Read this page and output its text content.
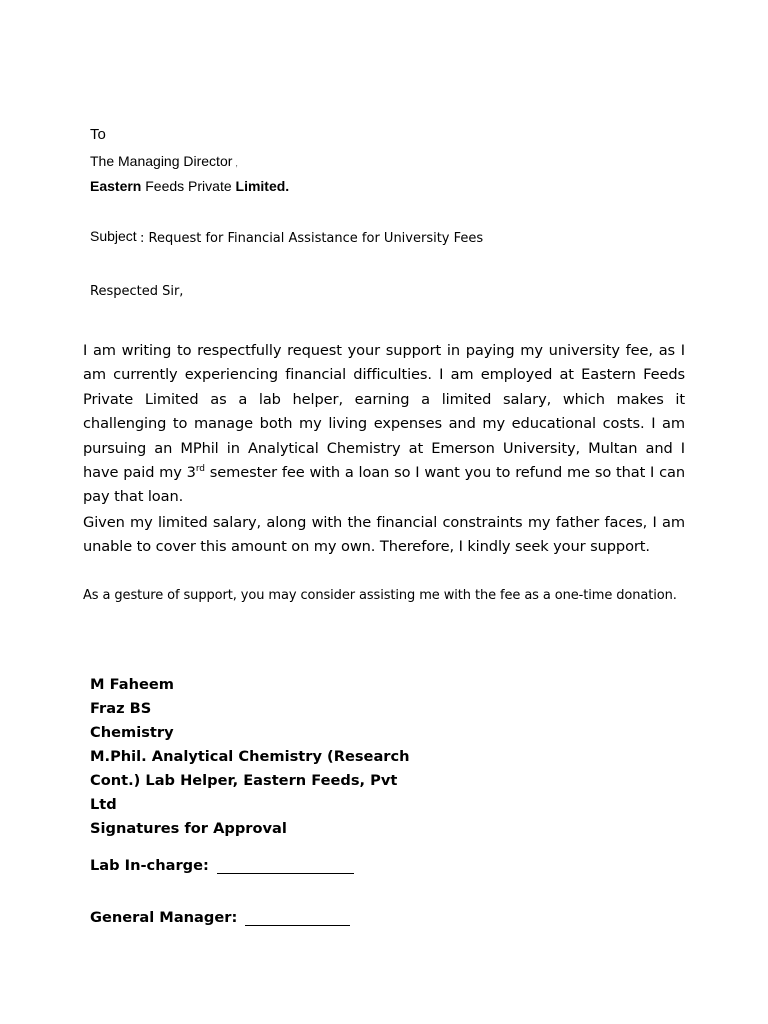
To
The Managing Director ,
Eastern Feeds Private Limited.
Subject : Request for Financial Assistance for University Fees
Respected Sir,

I am writing to respectfully request your support in paying my university fee, as I am currently experiencing financial difficulties. I am employed at Eastern Feeds Private Limited as a lab helper, earning a limited salary, which makes it challenging to manage both my living expenses and my educational costs. I am pursuing an MPhil in Analytical Chemistry at Emerson University, Multan and I have paid my 3rd semester fee with a loan so I want you to refund me so that I can pay that loan.

Given my limited salary, along with the financial constraints my father faces, I am unable to cover this amount on my own. Therefore, I kindly seek your support.

As a gesture of support, you may consider assisting me with the fee as a one-time donation.

M Faheem
Fraz BS
Chemistry
M.Phil. Analytical Chemistry (Research
Cont.) Lab Helper, Eastern Feeds, Pvt
Ltd
Signatures for Approval
Lab In-charge:
General Manager:
